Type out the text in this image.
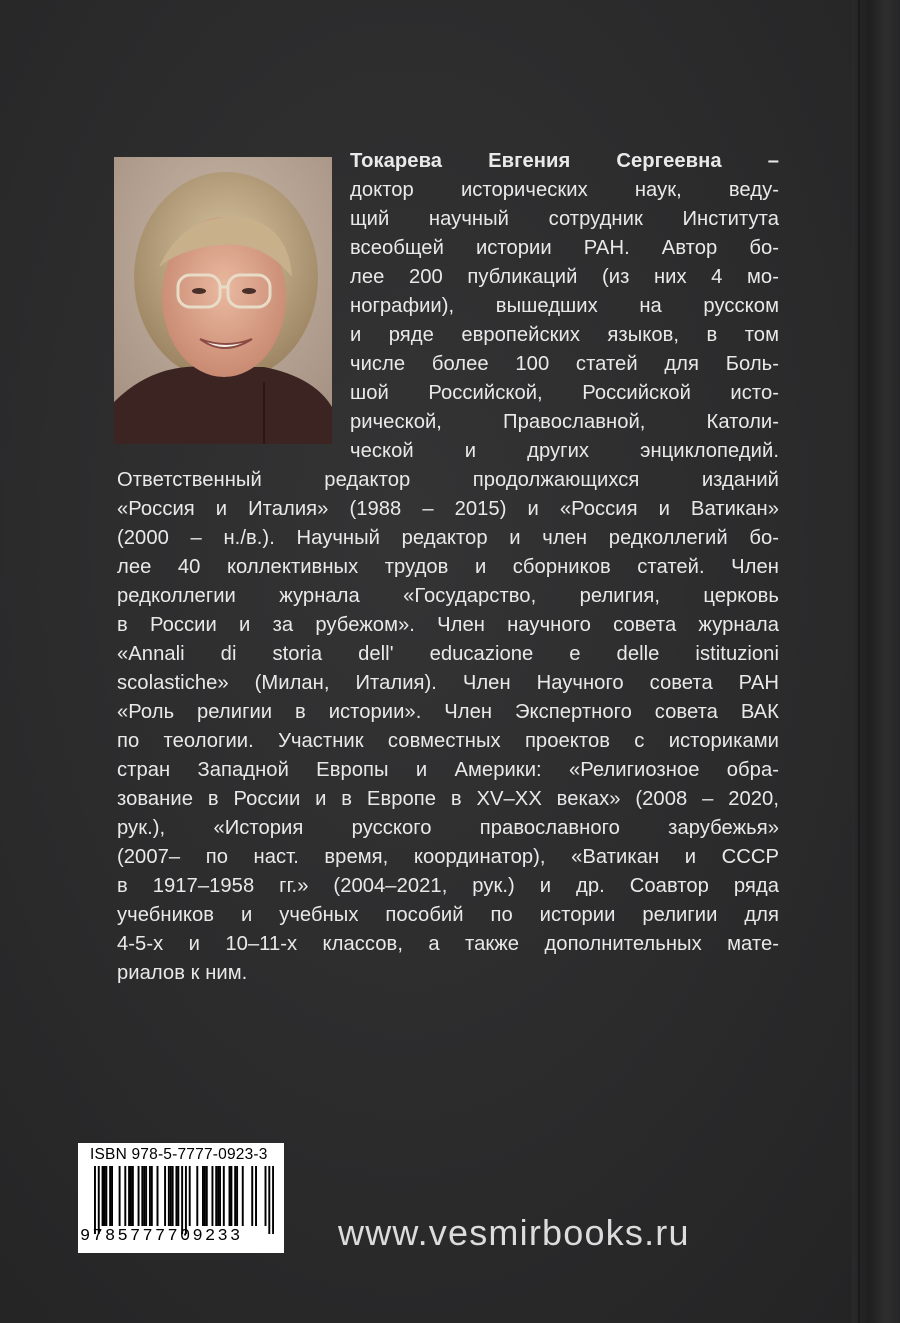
Токарева Евгения Сергеевна –
доктор исторических наук, веду-
щий научный сотрудник Института
всеобщей истории РАН. Автор бо-
лее 200 публикаций (из них 4 мо-
нографии), вышедших на русском
и ряде европейских языков, в том
числе более 100 статей для Боль-
шой Российской, Российской исто-
рической, Православной, Католи-
ческой и других энциклопедий.
Ответственный редактор продолжающихся изданий
«Россия и Италия» (1988 – 2015) и «Россия и Ватикан»
(2000 – н./в.). Научный редактор и член редколлегий бо-
лее 40 коллективных трудов и сборников статей. Член
редколлегии журнала «Государство, религия, церковь
в России и за рубежом». Член научного совета журнала
«Annali di storia dell' educazione e delle istituzioni
scolastiche» (Милан, Италия). Член Научного совета РАН
«Роль религии в истории». Член Экспертного совета ВАК
по теологии. Участник совместных проектов с историками
стран Западной Европы и Америки: «Религиозное обра-
зование в России и в Европе в XV–XX веках» (2008 – 2020,
рук.), «История русского православного зарубежья»
(2007– по наст. время, координатор), «Ватикан и СССР
в 1917–1958 гг.» (2004–2021, рук.) и др. Соавтор ряда
учебников и учебных пособий по истории религии для
4-5-х и 10–11-х классов, а также дополнительных мате-
риалов к ним.
ISBN 978-5-7777-0923-3
9785777709233	www.vesmirbooks.ru
